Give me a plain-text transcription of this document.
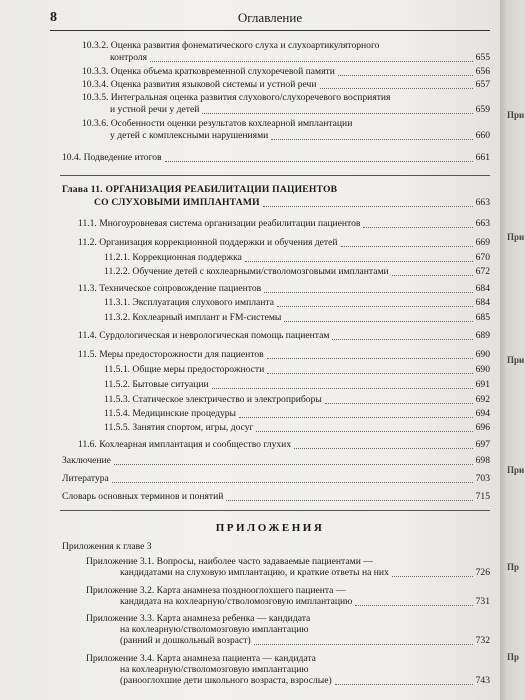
8	Оглавление
10.3.2. Оценка развития фонематического слуха и слухоартикуляторного
контроля	655
10.3.3. Оценка объема кратковременной слухоречевой памяти	656
10.3.4. Оценка развития языковой системы и устной речи	657
10.3.5. Интегральная оценка развития слухового/слухоречевого восприятия
и устной речи у детей	659
10.3.6. Особенности оценки результатов кохлеарной имплантации
у детей с комплексными нарушениями	660
10.4. Подведение итогов	661
Глава 11. ОРГАНИЗАЦИЯ РЕАБИЛИТАЦИИ ПАЦИЕНТОВ
СО СЛУХОВЫМИ ИМПЛАНТАМИ	663
11.1. Многоуровневая система организации реабилитации пациентов	663
11.2. Организация коррекционной поддержки и обучения детей	669
11.2.1. Коррекционная поддержка	670
11.2.2. Обучение детей с кохлеарными/стволомозговыми имплантами	672
11.3. Техническое сопровождение пациентов	684
11.3.1. Эксплуатация слухового импланта	684
11.3.2. Кохлеарный имплант и FM-системы	685
11.4. Сурдологическая и неврологическая помощь пациентам	689
11.5. Меры предосторожности для пациентов	690
11.5.1. Общие меры предосторожности	690
11.5.2. Бытовые ситуации	691
11.5.3. Статическое электричество и электроприборы	692
11.5.4. Медицинские процедуры	694
11.5.5. Занятия спортом, игры, досуг	696
11.6. Кохлеарная имплантация и сообщество глухих	697
Заключение	698
Литература	703
Словарь основных терминов и понятий	715
ПРИЛОЖЕНИЯ
Приложения к главе 3
Приложение 3.1. Вопросы, наиболее часто задаваемые пациентами —
кандидатами на слуховую имплантацию, и краткие ответы на них	726
Приложение 3.2. Карта анамнеза позднооглохшего пациента —
кандидата на кохлеарную/стволомозговую имплантацию	731
Приложение 3.3. Карта анамнеза ребенка — кандидата
на кохлеарную/стволомозговую имплантацию
(ранний и дошкольный возраст)	732
Приложение 3.4. Карта анамнеза пациента — кандидата
на кохлеарную/стволомозговую имплантацию
(ранооглохшие дети школьного возраста, взрослые)	743
При
При
При
При
Пр
Пр
